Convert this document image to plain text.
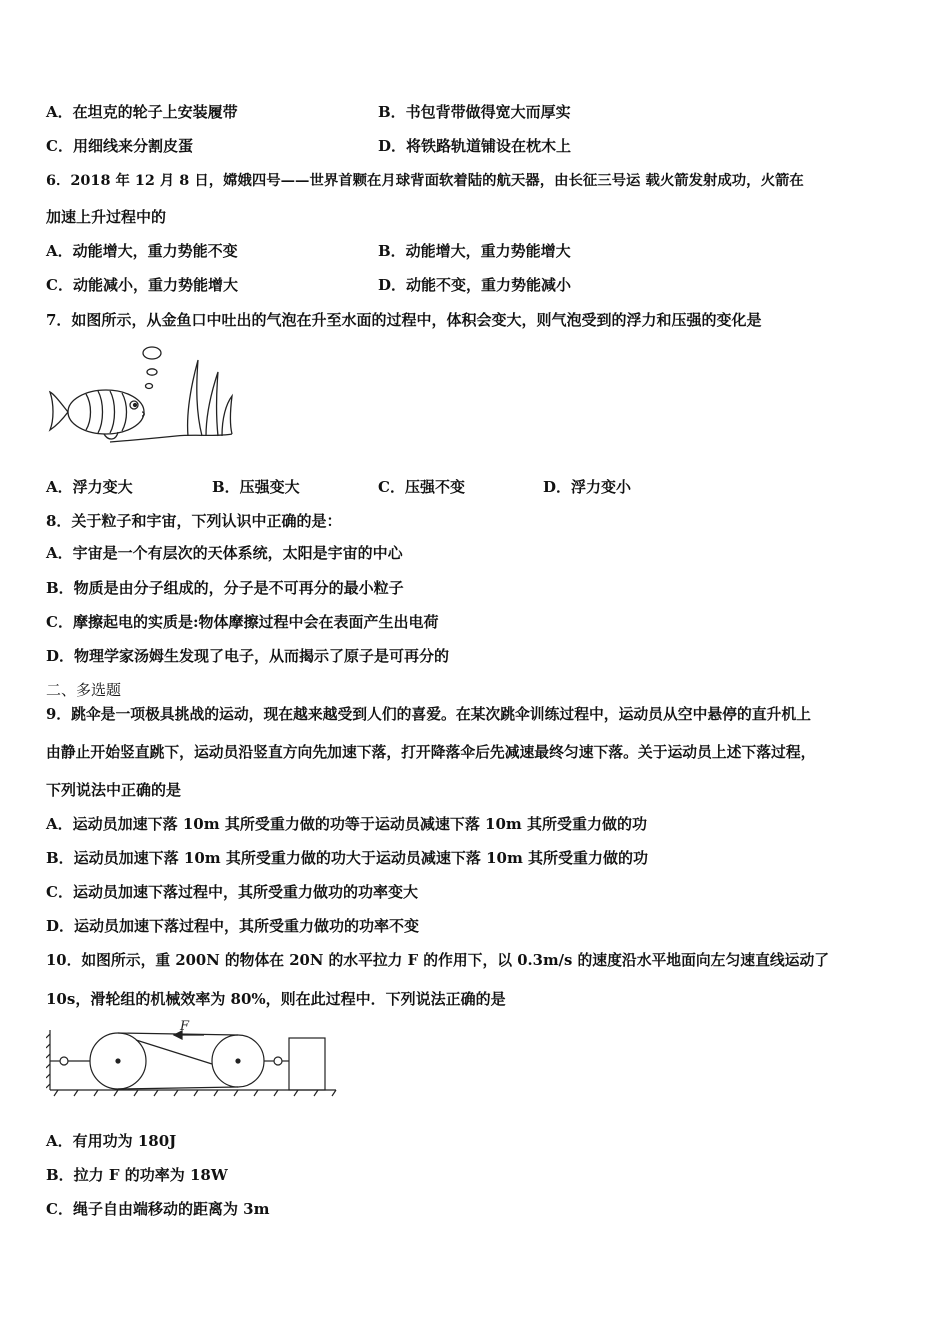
A．在坦克的轮子上安装履带	B．书包背带做得宽大而厚实
C．用细线来分割皮蛋	D．将铁路轨道铺设在枕木上
6．2018 年 12 月 8 日，嫦娥四号——世界首颗在月球背面软着陆的航天器，由长征三号运 载火箭发射成功，火箭在
加速上升过程中的
A．动能增大，重力势能不变	B．动能增大，重力势能增大
C．动能减小，重力势能增大	D．动能不变，重力势能减小
7．如图所示，从金鱼口中吐出的气泡在升至水面的过程中，体积会变大，则气泡受到的浮力和压强的变化是
A．浮力变大	B．压强变大	C．压强不变	D．浮力变小
8．关于粒子和宇宙，下列认识中正确的是：
A．宇宙是一个有层次的天体系统，太阳是宇宙的中心
B．物质是由分子组成的，分子是不可再分的最小粒子
C．摩擦起电的实质是:物体摩擦过程中会在表面产生出电荷
D．物理学家汤姆生发现了电子，从而揭示了原子是可再分的
二、多选题
9．跳伞是一项极具挑战的运动，现在越来越受到人们的喜爱。在某次跳伞训练过程中，运动员从空中悬停的直升机上
由静止开始竖直跳下，运动员沿竖直方向先加速下落，打开降落伞后先减速最终匀速下落。关于运动员上述下落过程，
下列说法中正确的是
A．运动员加速下落 10m 其所受重力做的功等于运动员减速下落 10m 其所受重力做的功
B．运动员加速下落 10m 其所受重力做的功大于运动员减速下落 10m 其所受重力做的功
C．运动员加速下落过程中，其所受重力做功的功率变大
D．运动员加速下落过程中，其所受重力做功的功率不变
10．如图所示，重 200N 的物体在 20N 的水平拉力 F 的作用下，以 0.3m/s 的速度沿水平地面向左匀速直线运动了
10s，滑轮组的机械效率为 80%，则在此过程中．下列说法正确的是
F
A．有用功为 180J
B．拉力 F 的功率为 18W
C．绳子自由端移动的距离为 3m
